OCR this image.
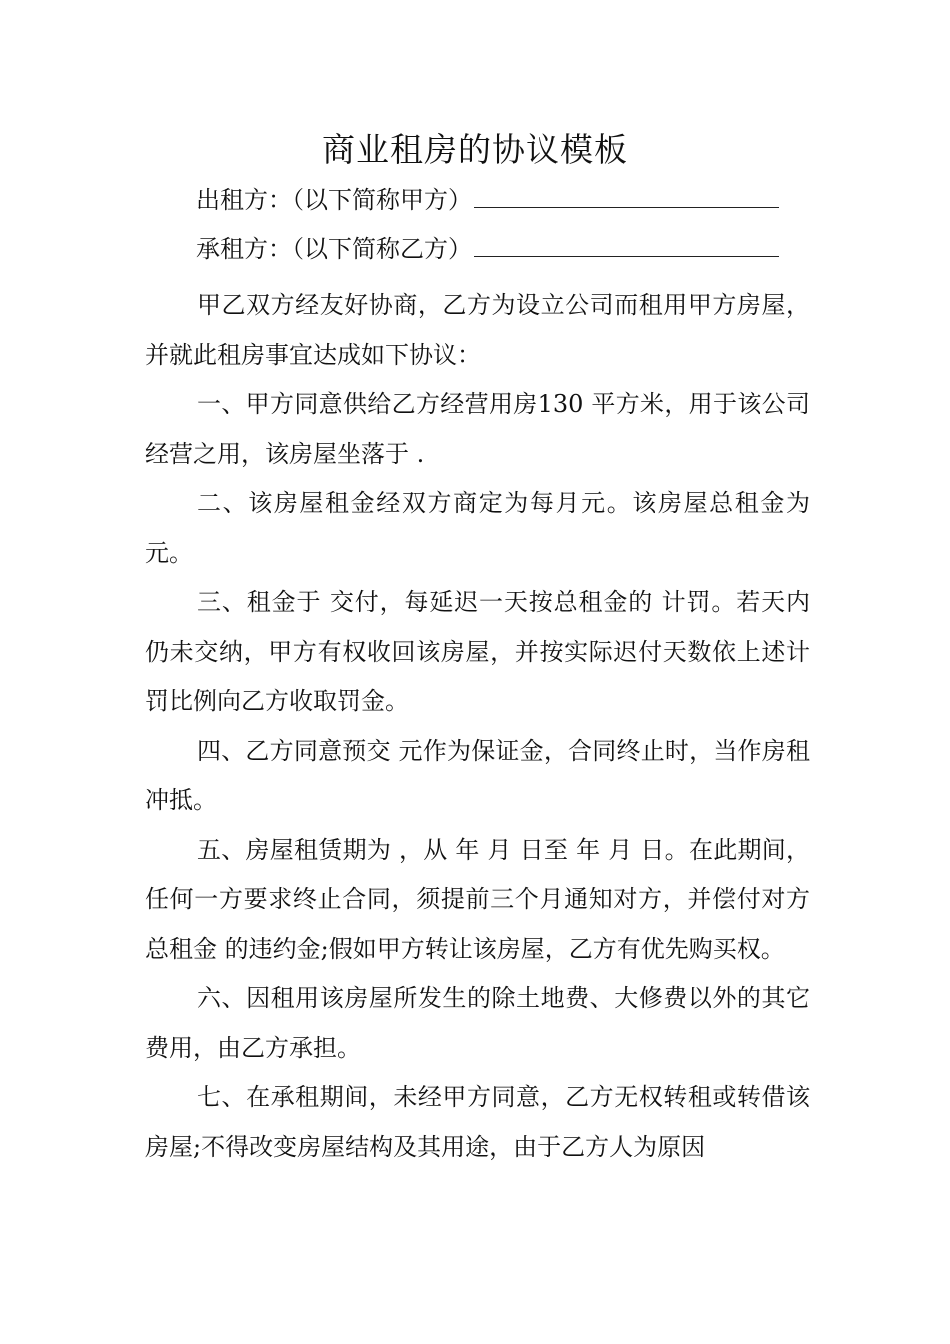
商业租房的协议模板
出租方：（以下简称甲方）
承租方：（以下简称乙方）

甲乙双方经友好协商，乙方为设立公司而租用甲方房屋，并就此租房事宜达成如下协议：

一、甲方同意供给乙方经营用房130 平方米，用于该公司经营之用，该房屋坐落于 .

二、该房屋租金经双方商定为每月元。该房屋总租金为 元。

三、租金于 交付，每延迟一天按总租金的 计罚。若天内仍未交纳，甲方有权收回该房屋，并按实际迟付天数依上述计罚比例向乙方收取罚金。

四、乙方同意预交 元作为保证金，合同终止时，当作房租冲抵。

五、房屋租赁期为 ，从 年 月 日至 年 月 日。在此期间，任何一方要求终止合同，须提前三个月通知对方，并偿付对方总租金 的违约金;假如甲方转让该房屋，乙方有优先购买权。

六、因租用该房屋所发生的除土地费、大修费以外的其它费用，由乙方承担。

七、在承租期间，未经甲方同意，乙方无权转租或转借该房屋;不得改变房屋结构及其用途，由于乙方人为原因
